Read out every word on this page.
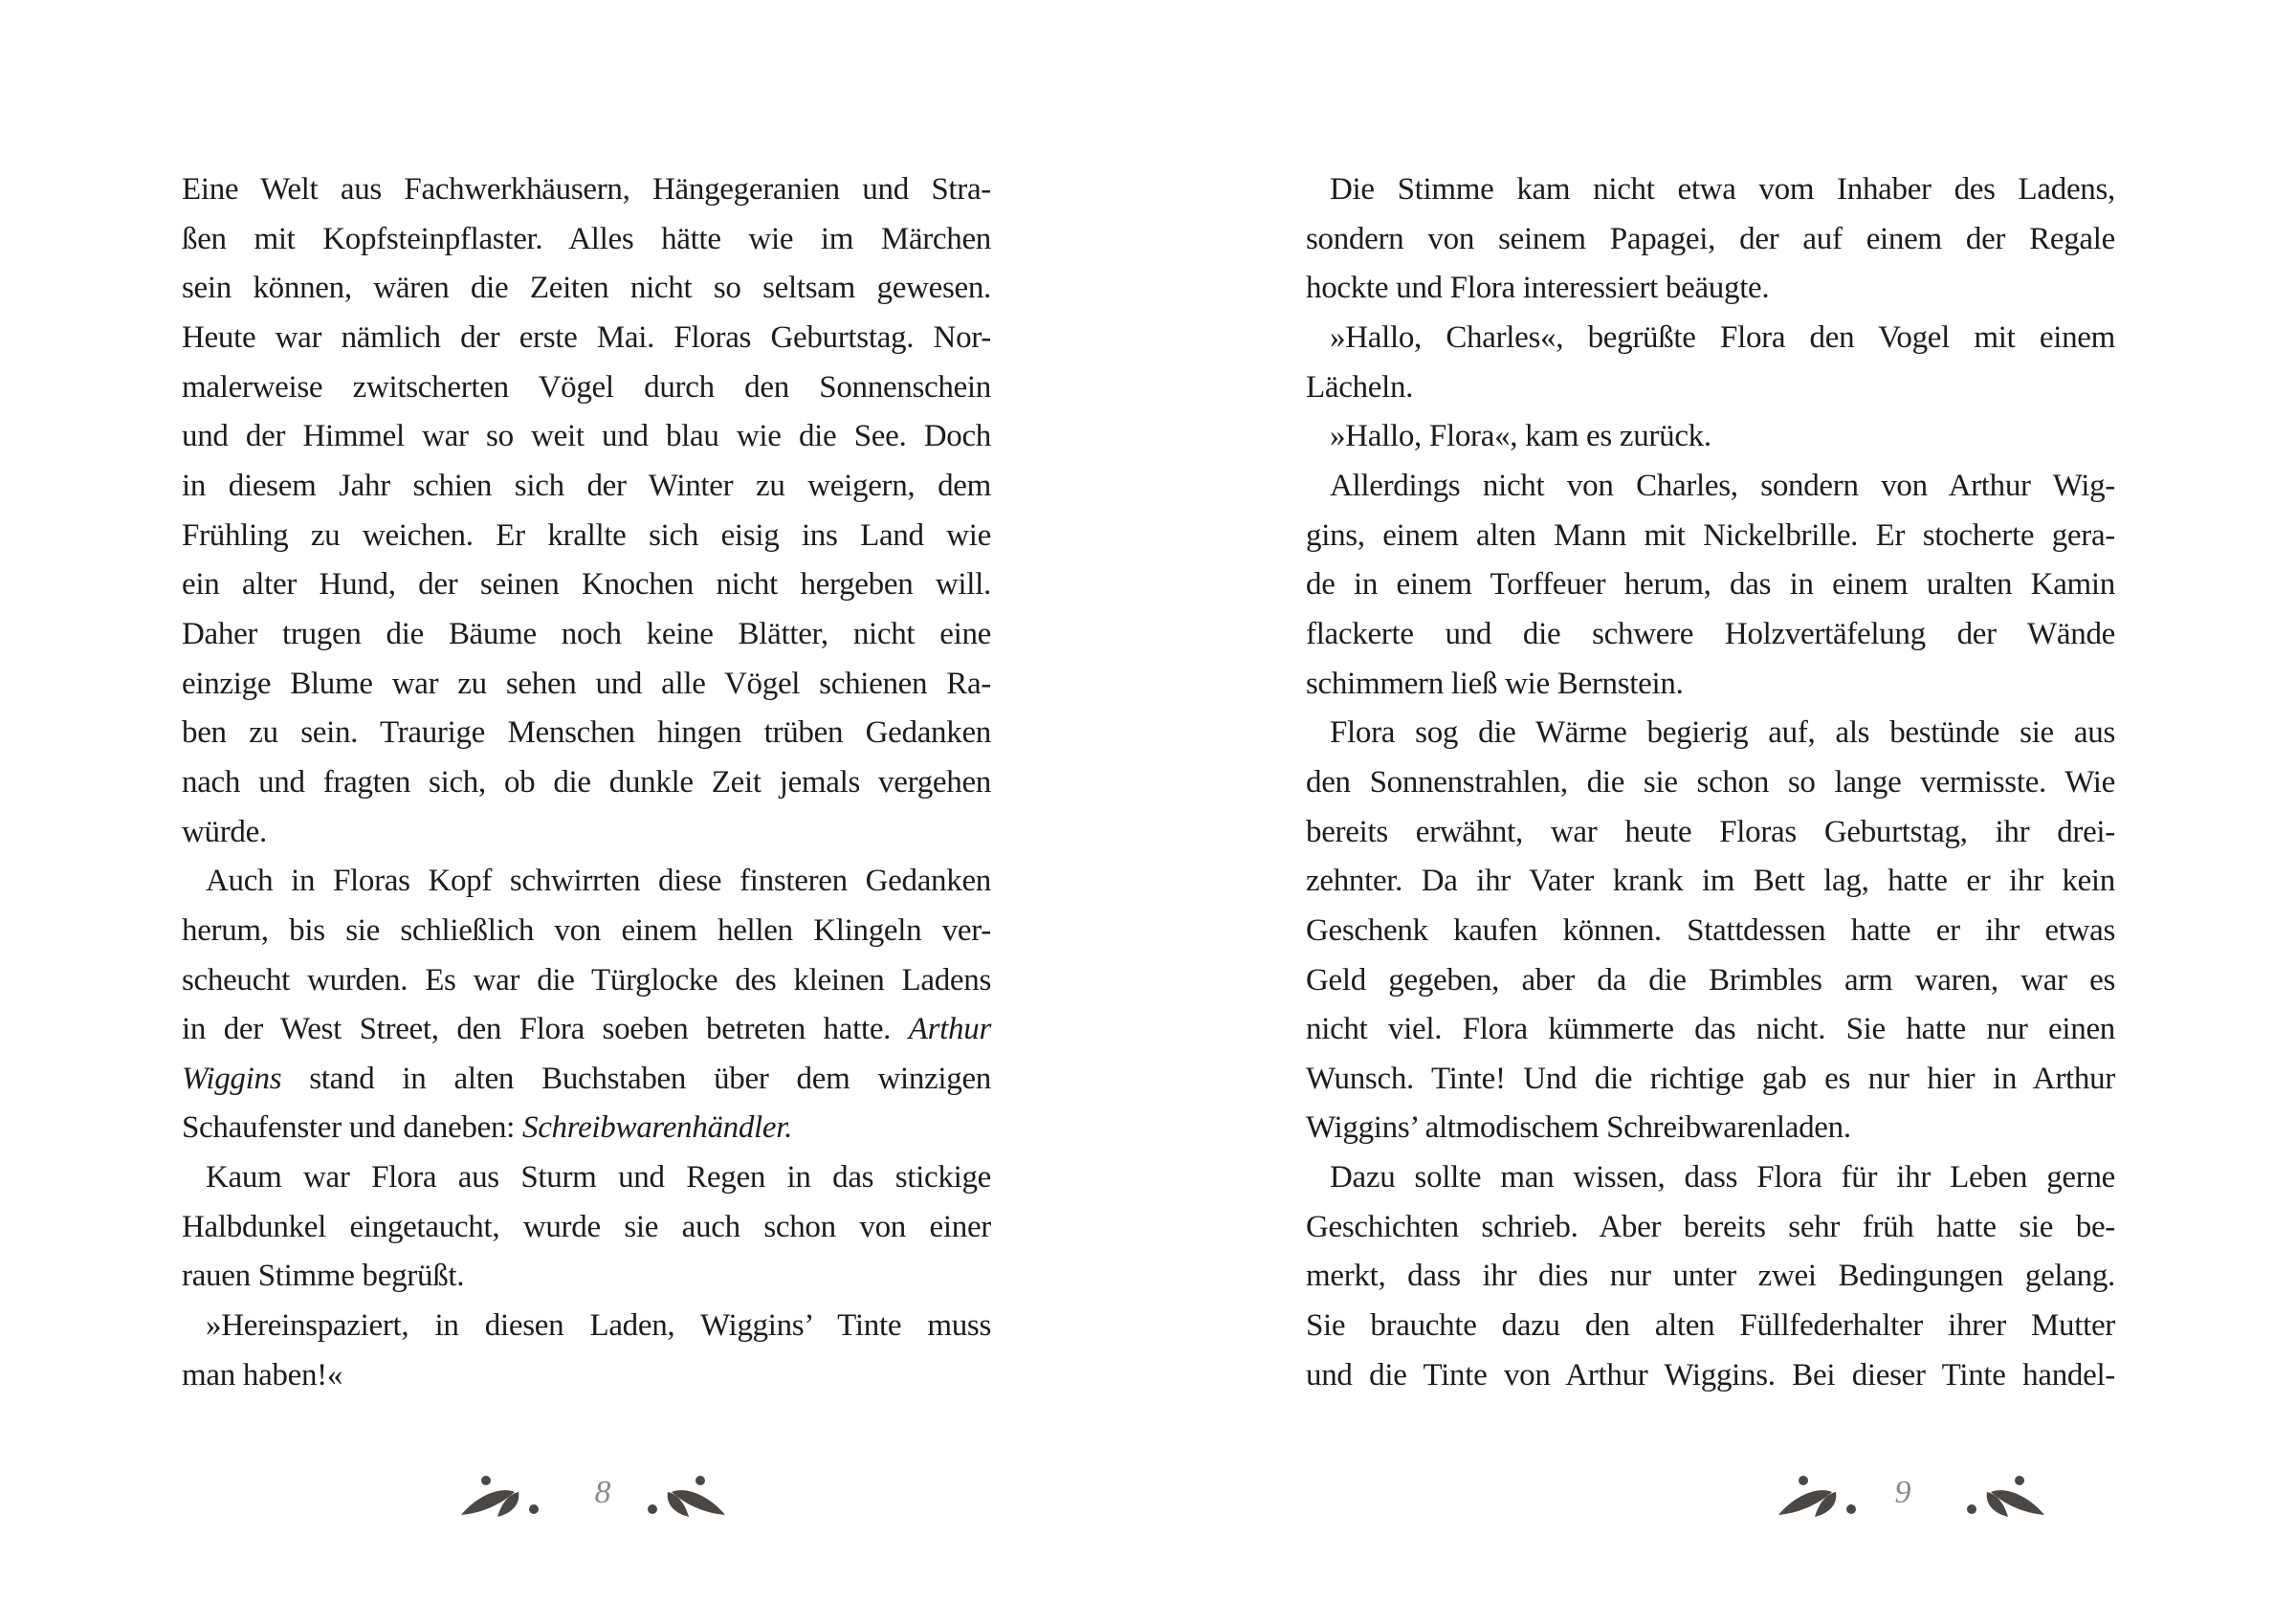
Eine Welt aus Fachwerkhäusern, Hängegeranien und Stra-
ßen mit Kopfsteinpflaster. Alles hätte wie im Märchen
sein können, wären die Zeiten nicht so seltsam gewesen.
Heute war nämlich der erste Mai. Floras Geburtstag. Nor-
malerweise zwitscherten Vögel durch den Sonnenschein
und der Himmel war so weit und blau wie die See. Doch
in diesem Jahr schien sich der Winter zu weigern, dem
Frühling zu weichen. Er krallte sich eisig ins Land wie
ein alter Hund, der seinen Knochen nicht hergeben will.
Daher trugen die Bäume noch keine Blätter, nicht eine
einzige Blume war zu sehen und alle Vögel schienen Ra-
ben zu sein. Traurige Menschen hingen trüben Gedanken
nach und fragten sich, ob die dunkle Zeit jemals vergehen
würde.
Auch in Floras Kopf schwirrten diese finsteren Gedanken
herum, bis sie schließlich von einem hellen Klingeln ver-
scheucht wurden. Es war die Türglocke des kleinen Ladens
in der West Street, den Flora soeben betreten hatte. Arthur
Wiggins stand in alten Buchstaben über dem winzigen
Schaufenster und daneben: Schreibwarenhändler.
Kaum war Flora aus Sturm und Regen in das stickige
Halbdunkel eingetaucht, wurde sie auch schon von einer
rauen Stimme begrüßt.
»Hereinspaziert, in diesen Laden, Wiggins’ Tinte muss
man haben!«
8
Die Stimme kam nicht etwa vom Inhaber des Ladens,
sondern von seinem Papagei, der auf einem der Regale
hockte und Flora interessiert beäugte.
»Hallo, Charles«, begrüßte Flora den Vogel mit einem
Lächeln.
»Hallo, Flora«, kam es zurück.
Allerdings nicht von Charles, sondern von Arthur Wig-
gins, einem alten Mann mit Nickelbrille. Er stocherte gera-
de in einem Torffeuer herum, das in einem uralten Kamin
flackerte und die schwere Holzvertäfelung der Wände
schimmern ließ wie Bernstein.
Flora sog die Wärme begierig auf, als bestünde sie aus
den Sonnenstrahlen, die sie schon so lange vermisste. Wie
bereits erwähnt, war heute Floras Geburtstag, ihr drei-
zehnter. Da ihr Vater krank im Bett lag, hatte er ihr kein
Geschenk kaufen können. Stattdessen hatte er ihr etwas
Geld gegeben, aber da die Brimbles arm waren, war es
nicht viel. Flora kümmerte das nicht. Sie hatte nur einen
Wunsch. Tinte! Und die richtige gab es nur hier in Arthur
Wiggins’ altmodischem Schreibwarenladen.
Dazu sollte man wissen, dass Flora für ihr Leben gerne
Geschichten schrieb. Aber bereits sehr früh hatte sie be-
merkt, dass ihr dies nur unter zwei Bedingungen gelang.
Sie brauchte dazu den alten Füllfederhalter ihrer Mutter
und die Tinte von Arthur Wiggins. Bei dieser Tinte handel-
9
